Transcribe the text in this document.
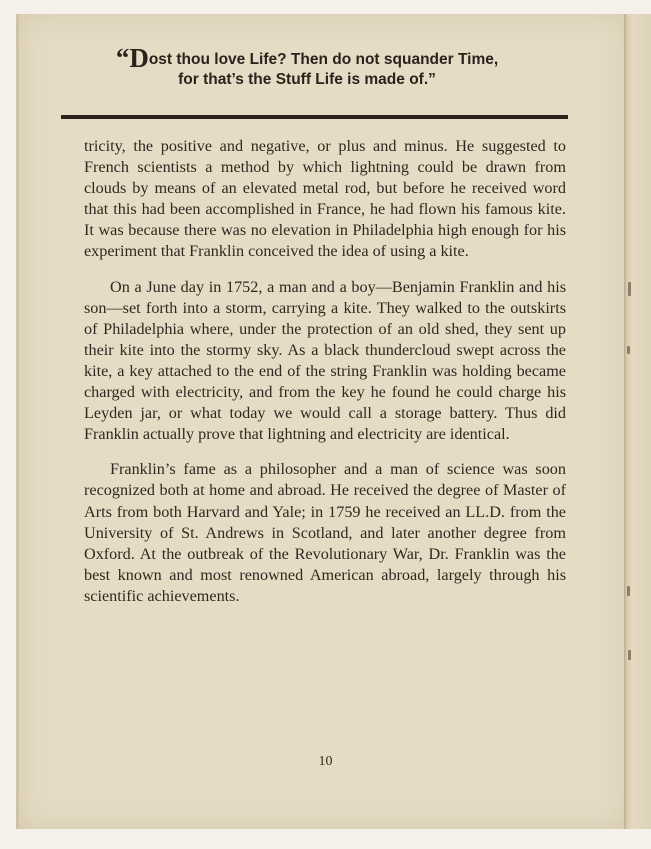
“Dost thou love Life? Then do not squander Time,
for that’s the Stuff Life is made of.”

tricity, the positive and negative, or plus and minus. He suggested to French scientists a method by which lightning could be drawn from clouds by means of an elevated metal rod, but before he received word that this had been accomplished in France, he had flown his famous kite. It was because there was no elevation in Philadelphia high enough for his experiment that Franklin conceived the idea of using a kite.

On a June day in 1752, a man and a boy—Benjamin Franklin and his son—set forth into a storm, carrying a kite. They walked to the outskirts of Philadelphia where, under the protection of an old shed, they sent up their kite into the stormy sky. As a black thundercloud swept across the kite, a key attached to the end of the string Franklin was holding became charged with electricity, and from the key he found he could charge his Leyden jar, or what today we would call a storage battery. Thus did Franklin actually prove that lightning and electricity are identical.

Franklin’s fame as a philosopher and a man of science was soon recognized both at home and abroad. He received the degree of Master of Arts from both Harvard and Yale; in 1759 he received an LL.D. from the University of St. Andrews in Scotland, and later another degree from Oxford. At the outbreak of the Revolutionary War, Dr. Franklin was the best known and most renowned American abroad, largely through his scientific achievements.

10
